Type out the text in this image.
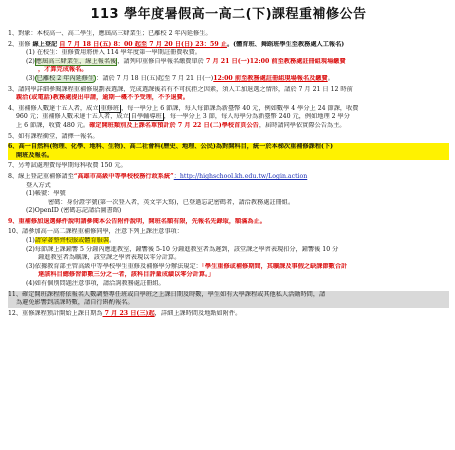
113 學年度暑假高一高二(下)課程重補修公告
1、對象：本校高一、高二學生，應屆高三肄業生；已離校 2 年內延修生。
2、重修 線上登記 自 7 月 18 日(五) 8：00 起至 7 月 20 日(日) 23：59 止。(體育班、舞蹈班學生至教務處人工報名)
(1) 在校生：重修費用將併入 114 學年度第一學期註冊費收費。
(2)應屆高三肄業生，線上報名後，請列印重修自學報名繳費單於 7 月 21 日(一)12:00 前至教務處註冊組現場繳費
，才算完成報名。
(3) 已離校 2 年內延修生 ：請於 7 月 18 日(五)起至 7 月 21 日(一)12:00 前至教務處註冊組現場報名及繳費。
3、請同學詳細參閱課程重補修規劃表選課，完成選課後若有不可抗拒之因素，須人工加退選之情形，請於 7 月 21 日 12 時前
親洽(或電話)教務處提出申請，逾期一概不予受理，不予退費。
4、重補修人數達十五人者，成立 重修班 ，每一學分上 6 節課，每人每節課為新臺幣 40 元，例如數學 4 學分上 24 節課，收費
960 元；重補修人數未達十五人者，成立 自學輔導班 ，每一學分上 3 節，每人每學分為新臺幣 240 元，例如地理 2 學分
上 6 節課，收費 480 元。確定開班類別及上課名單預計於 7 月 22 日(二)學校首頁公告，届時請同學依實際公告為主。
5、如有課程衝堂，請擇一報名。
6、高一自然科(物理、化學、地科、生物)、高二社會科(歷史、地理、公民)為對開科目，統一於本梯次重補修課程(下)
開班及報名。
7、另考試處理費每學期每科收費 150 元。
8、線上登記重補修請至“高雄市高級中等學校校務行政系統”：http://highschool.kh.edu.tw/Login.action
登入方式
(1)帳號：學號
密碼：身份證字號(第一次登入者，英文字大寫)，已登過忘記密碼者，請洽教務處註冊組。
(2)OpenID (密碼忘記請洽圖書館)
9、重補修加退選條件說明請參閱本公告附件說明，開班名額有限，先報名先錄取，額滿為止。
10、請參加高一高二課程重補修同學，注意下列上課注意事項：
(1)請穿著整齊校服或體育服裝。
(2)每節課上課鐘響 5 分鐘內應進教室，鐘響後 5-10 分鐘進教室者為遲到，該堂課之學習表現扣分，鐘響後 10 分
鐘進教室者為曠課，該堂課之學習表現以零分計算。
(3)依據教育部主管高級中等學校學生重修及補修學分辦法規定：「學生重修或補修期間，其曠課及事假之缺課節數合計
達該科目總修習節數三分之一者，該科目評量成績以零分計算。」
(4)如有個別問題注意事項，請洽詢教務處註冊組。
11、確定開班課程將依報名人數調整專任班或自學班之上課日期及時數，學生如有大學課程或其他私人活動時間，請
為避免影響到該課時數，請自行斟酌報名。
12、重修課程預計開始上課日期為 7 月 23 日(三)起，詳細上課時間及地點如附件。
